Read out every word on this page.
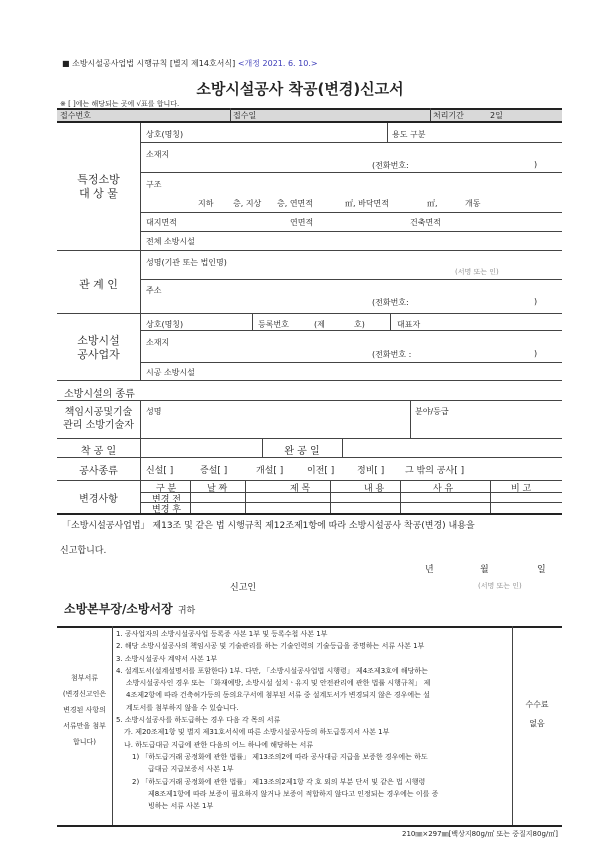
■ 소방시설공사업법 시행규칙 [별지 제14호서식] <개정 2021. 6. 10.>
소방시설공사 착공(변경)신고서
※ [ ]에는 해당되는 곳에 √표를 합니다.
접수번호	접수일	처리기간	2일
특정소방
대 상 물
상호(명칭)	용도 구분
소재지
(전화번호:	)
구조
지하 층, 지상 층, 연면적	㎡, 바닥면적	㎡,	개동
대지면적	연면적	건축면적
전체 소방시설
관 계 인
성명(기관 또는 법인명)
(서명 또는 인)
주소
(전화번호:	)
소방시설
공사업자
상호(명칭)	등록번호	(제	호)	대표자
소재지
(전화번호 :	)
시공 소방시설
소방시설의 종류
책임시공및기술
관리 소방기술자
성명	분야/등급
착 공 일	완 공 일
공사종류	신설[ ]	증설[ ]	개설[ ]	이전[ ]	정비[ ] 그 밖의 공사[ ]
변경사항
구 분	날 짜	제 목	내 용	사 유	비 고
변경 전
변경 후
「소방시설공사업법」 제13조 및 같은 법 시행규칙 제12조제1항에 따라 소방시설공사 착공(변경) 내용을
신고합니다.
년	월	일
신고인	(서명 또는 인)
소방본부장/소방서장 귀하
첨부서류
(변경신고인은
변경된 사항의
서류만을 첨부
합니다)
1. 공사업자의 소방시설공사업 등록증 사본 1부 및 등록수첩 사본 1부
2. 해당 소방시설공사의 책임시공 및 기술관리를 하는 기술인력의 기술등급을 증명하는 서류 사본 1부
3. 소방시설공사 계약서 사본 1부
4. 설계도서(설계설명서를 포함한다) 1부. 다만, 「소방시설공사업법 시행령」 제4조제3호에 해당하는
소방시설공사인 경우 또는 「화재예방, 소방시설 설치ㆍ유지 및 안전관리에 관한 법률 시행규칙」 제
4조제2항에 따라 건축허가등의 동의요구서에 첨부된 서류 중 설계도서가 변경되지 않은 경우에는 설
계도서를 첨부하지 않을 수 있습니다.
5. 소방시설공사를 하도급하는 경우 다음 각 목의 서류
가. 제20조제1항 및 별지 제31호서식에 따른 소방시설공사등의 하도급통지서 사본 1부
나. 하도급대금 지급에 관한 다음의 어느 하나에 해당하는 서류
1) 「하도급거래 공정화에 관한 법률」 제13조의2에 따라 공사대금 지급을 보증한 경우에는 하도
급대금 지급보증서 사본 1부
2) 「하도급거래 공정화에 관한 법률」 제13조의2제1항 각 호 외의 부분 단서 및 같은 법 시행령
제8조제1항에 따라 보증이 필요하지 않거나 보증이 적합하지 않다고 인정되는 경우에는 이를 증
빙하는 서류 사본 1부
수수료
없음
210㎜×297㎜[백상지80g/㎡ 또는 중질지80g/㎡]
